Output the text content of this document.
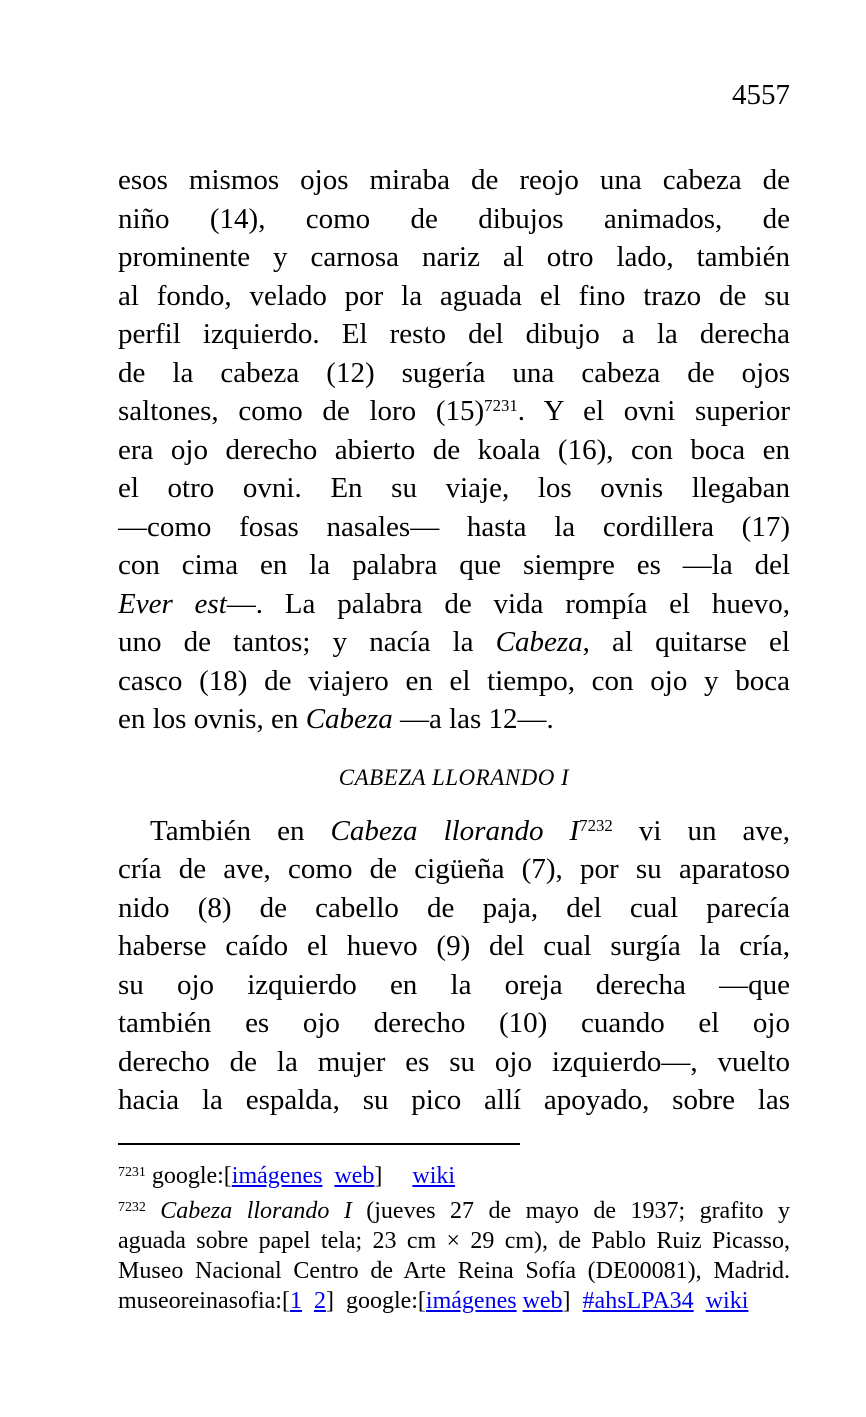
4557
esos mismos ojos miraba de reojo una cabeza de
niño (14), como de dibujos animados, de
prominente y carnosa nariz al otro lado, también
al fondo, velado por la aguada el fino trazo de su
perfil izquierdo. El resto del dibujo a la derecha
de la cabeza (12) sugería una cabeza de ojos
saltones, como de loro $(15)^{7231}$. Y el ovni superior
era ojo derecho abierto de koala (16), con boca en
el otro ovni. En su viaje, los ovnis llegaban
—como fosas nasales— hasta la cordillera (17)
con cima en la palabra que siempre es —la del
Ever est—. La palabra de vida rompía el huevo,
uno de tantos; y nacía la Cabeza, al quitarse el
casco (18) de viajero en el tiempo, con ojo y boca
en los ovnis, en Cabeza —a las 12—.
CABEZA LLORANDO I
También en Cabeza llorando $I^{7232}$ vi un ave,
cría de ave, como de cigüeña (7), por su aparatoso
nido (8) de cabello de paja, del cual parecía
haberse caído el huevo (9) del cual surgía la cría,
su ojo izquierdo en la oreja derecha —que
también es ojo derecho (10) cuando el ojo
derecho de la mujer es su ojo izquierdo—, vuelto
hacia la espalda, su pico allí apoyado, sobre las
$^{7231}$ google:[imágenes web]     wiki
$^{7232}$ Cabeza llorando I (jueves 27 de mayo de 1937; grafito y
aguada sobre papel tela; 23 cm × 29 cm), de Pablo Ruiz Picasso,
Museo Nacional Centro de Arte Reina Sofía (DE00081), Madrid.
museoreinasofia:[1 2]  google:[imágenes web]  #ahsLPA34 wiki
